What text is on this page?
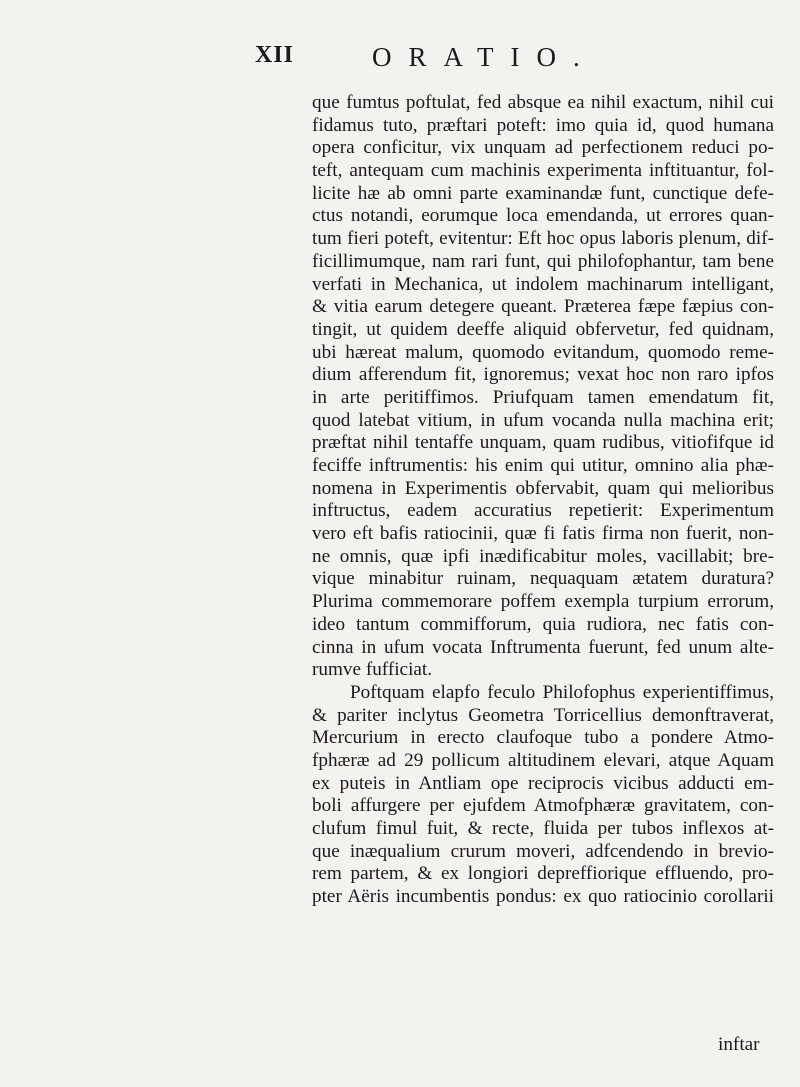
XII	ORATIO.
que fumtus poftulat, fed absque ea nihil exactum, nihil cui
fidamus tuto, præftari poteft: imo quia id, quod humana
opera conficitur, vix unquam ad perfectionem reduci po-
teft, antequam cum machinis experimenta inftituantur, fol-
licite hæ ab omni parte examinandæ funt, cunctique defe-
ctus notandi, eorumque loca emendanda, ut errores quan-
tum fieri poteft, evitentur: Eft hoc opus laboris plenum, dif-
ficillimumque, nam rari funt, qui philofophantur, tam bene
verfati in Mechanica, ut indolem machinarum intelligant,
& vitia earum detegere queant. Præterea fæpe fæpius con-
tingit, ut quidem deeffe aliquid obfervetur, fed quidnam,
ubi hæreat malum, quomodo evitandum, quomodo reme-
dium afferendum fit, ignoremus; vexat hoc non raro ipfos
in arte peritiffimos. Priufquam tamen emendatum fit,
quod latebat vitium, in ufum vocanda nulla machina erit;
præftat nihil tentaffe unquam, quam rudibus, vitiofifque id
feciffe inftrumentis: his enim qui utitur, omnino alia phæ-
nomena in Experimentis obfervabit, quam qui melioribus
inftructus, eadem accuratius repetierit: Experimentum
vero eft bafis ratiocinii, quæ fi fatis firma non fuerit, non-
ne omnis, quæ ipfi inædificabitur moles, vacillabit; bre-
vique minabitur ruinam, nequaquam ætatem duratura?
Plurima commemorare poffem exempla turpium errorum,
ideo tantum commifforum, quia rudiora, nec fatis con-
cinna in ufum vocata Inftrumenta fuerunt, fed unum alte-
rumve fufficiat.
Poftquam elapfo feculo Philofophus experientiffimus,
& pariter inclytus Geometra Torricellius demonftraverat,
Mercurium in erecto claufoque tubo a pondere Atmo-
fphæræ ad 29 pollicum altitudinem elevari, atque Aquam
ex puteis in Antliam ope reciprocis vicibus adducti em-
boli affurgere per ejufdem Atmofphæræ gravitatem, con-
clufum fimul fuit, & recte, fluida per tubos inflexos at-
que inæqualium crurum moveri, adfcendendo in brevio-
rem partem, & ex longiori depreffiorique effluendo, pro-
pter Aëris incumbentis pondus: ex quo ratiocinio corollarii
inftar
